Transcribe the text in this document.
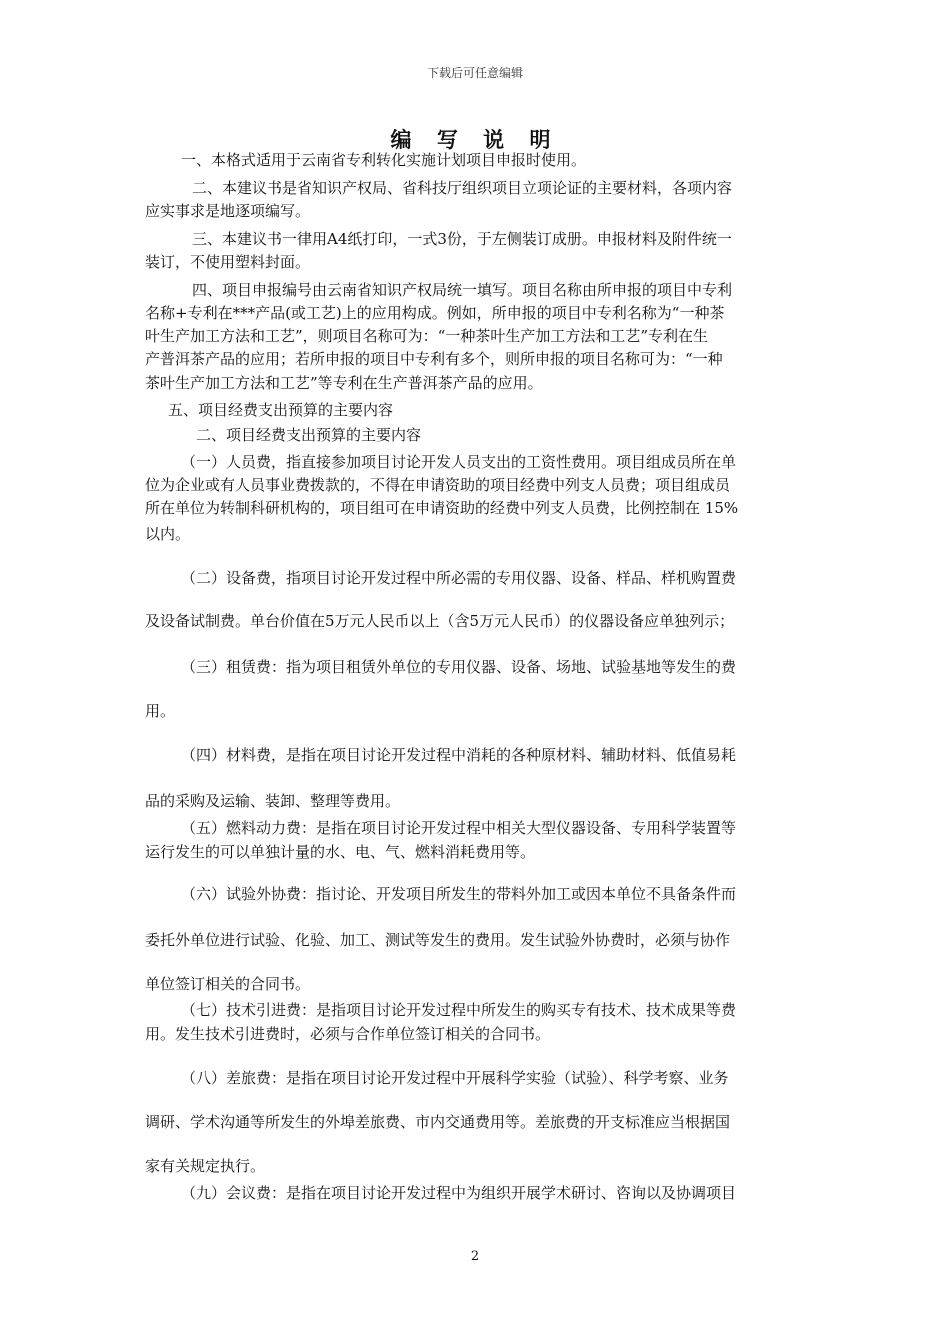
下载后可任意编辑
编 写 说 明
一、本格式适用于云南省专利转化实施计划项目申报时使用。
二、本建议书是省知识产权局、省科技厅组织项目立项论证的主要材料，各项内容
应实事求是地逐项编写。
三、本建议书一律用A4纸打印，一式3份，于左侧装订成册。申报材料及附件统一
装订，不使用塑料封面。
四、项目申报编号由云南省知识产权局统一填写。项目名称由所申报的项目中专利
名称+专利在***产品(或工艺)上的应用构成。例如，所申报的项目中专利名称为“一种茶
叶生产加工方法和工艺”，则项目名称可为：“一种茶叶生产加工方法和工艺”专利在生
产普洱茶产品的应用；若所申报的项目中专利有多个，则所申报的项目名称可为：“一种
茶叶生产加工方法和工艺”等专利在生产普洱茶产品的应用。
五、项目经费支出预算的主要内容
二、项目经费支出预算的主要内容
（一）人员费，指直接参加项目讨论开发人员支出的工资性费用。项目组成员所在单
位为企业或有人员事业费拨款的，不得在申请资助的项目经费中列支人员费；项目组成员
所在单位为转制科研机构的，项目组可在申请资助的经费中列支人员费，比例控制在 15%
以内。
（二）设备费，指项目讨论开发过程中所必需的专用仪器、设备、样品、样机购置费
及设备试制费。单台价值在5万元人民币以上（含5万元人民币）的仪器设备应单独列示；
（三）租赁费：指为项目租赁外单位的专用仪器、设备、场地、试验基地等发生的费
用。
（四）材料费，是指在项目讨论开发过程中消耗的各种原材料、辅助材料、低值易耗
品的采购及运输、装卸、整理等费用。
（五）燃料动力费：是指在项目讨论开发过程中相关大型仪器设备、专用科学装置等
运行发生的可以单独计量的水、电、气、燃料消耗费用等。
（六）试验外协费：指讨论、开发项目所发生的带料外加工或因本单位不具备条件而
委托外单位进行试验、化验、加工、测试等发生的费用。发生试验外协费时，必须与协作
单位签订相关的合同书。
（七）技术引进费：是指项目讨论开发过程中所发生的购买专有技术、技术成果等费
用。发生技术引进费时，必须与合作单位签订相关的合同书。
（八）差旅费：是指在项目讨论开发过程中开展科学实验（试验）、科学考察、业务
调研、学术沟通等所发生的外埠差旅费、市内交通费用等。差旅费的开支标准应当根据国
家有关规定执行。
（九）会议费：是指在项目讨论开发过程中为组织开展学术研讨、咨询以及协调项目
2
